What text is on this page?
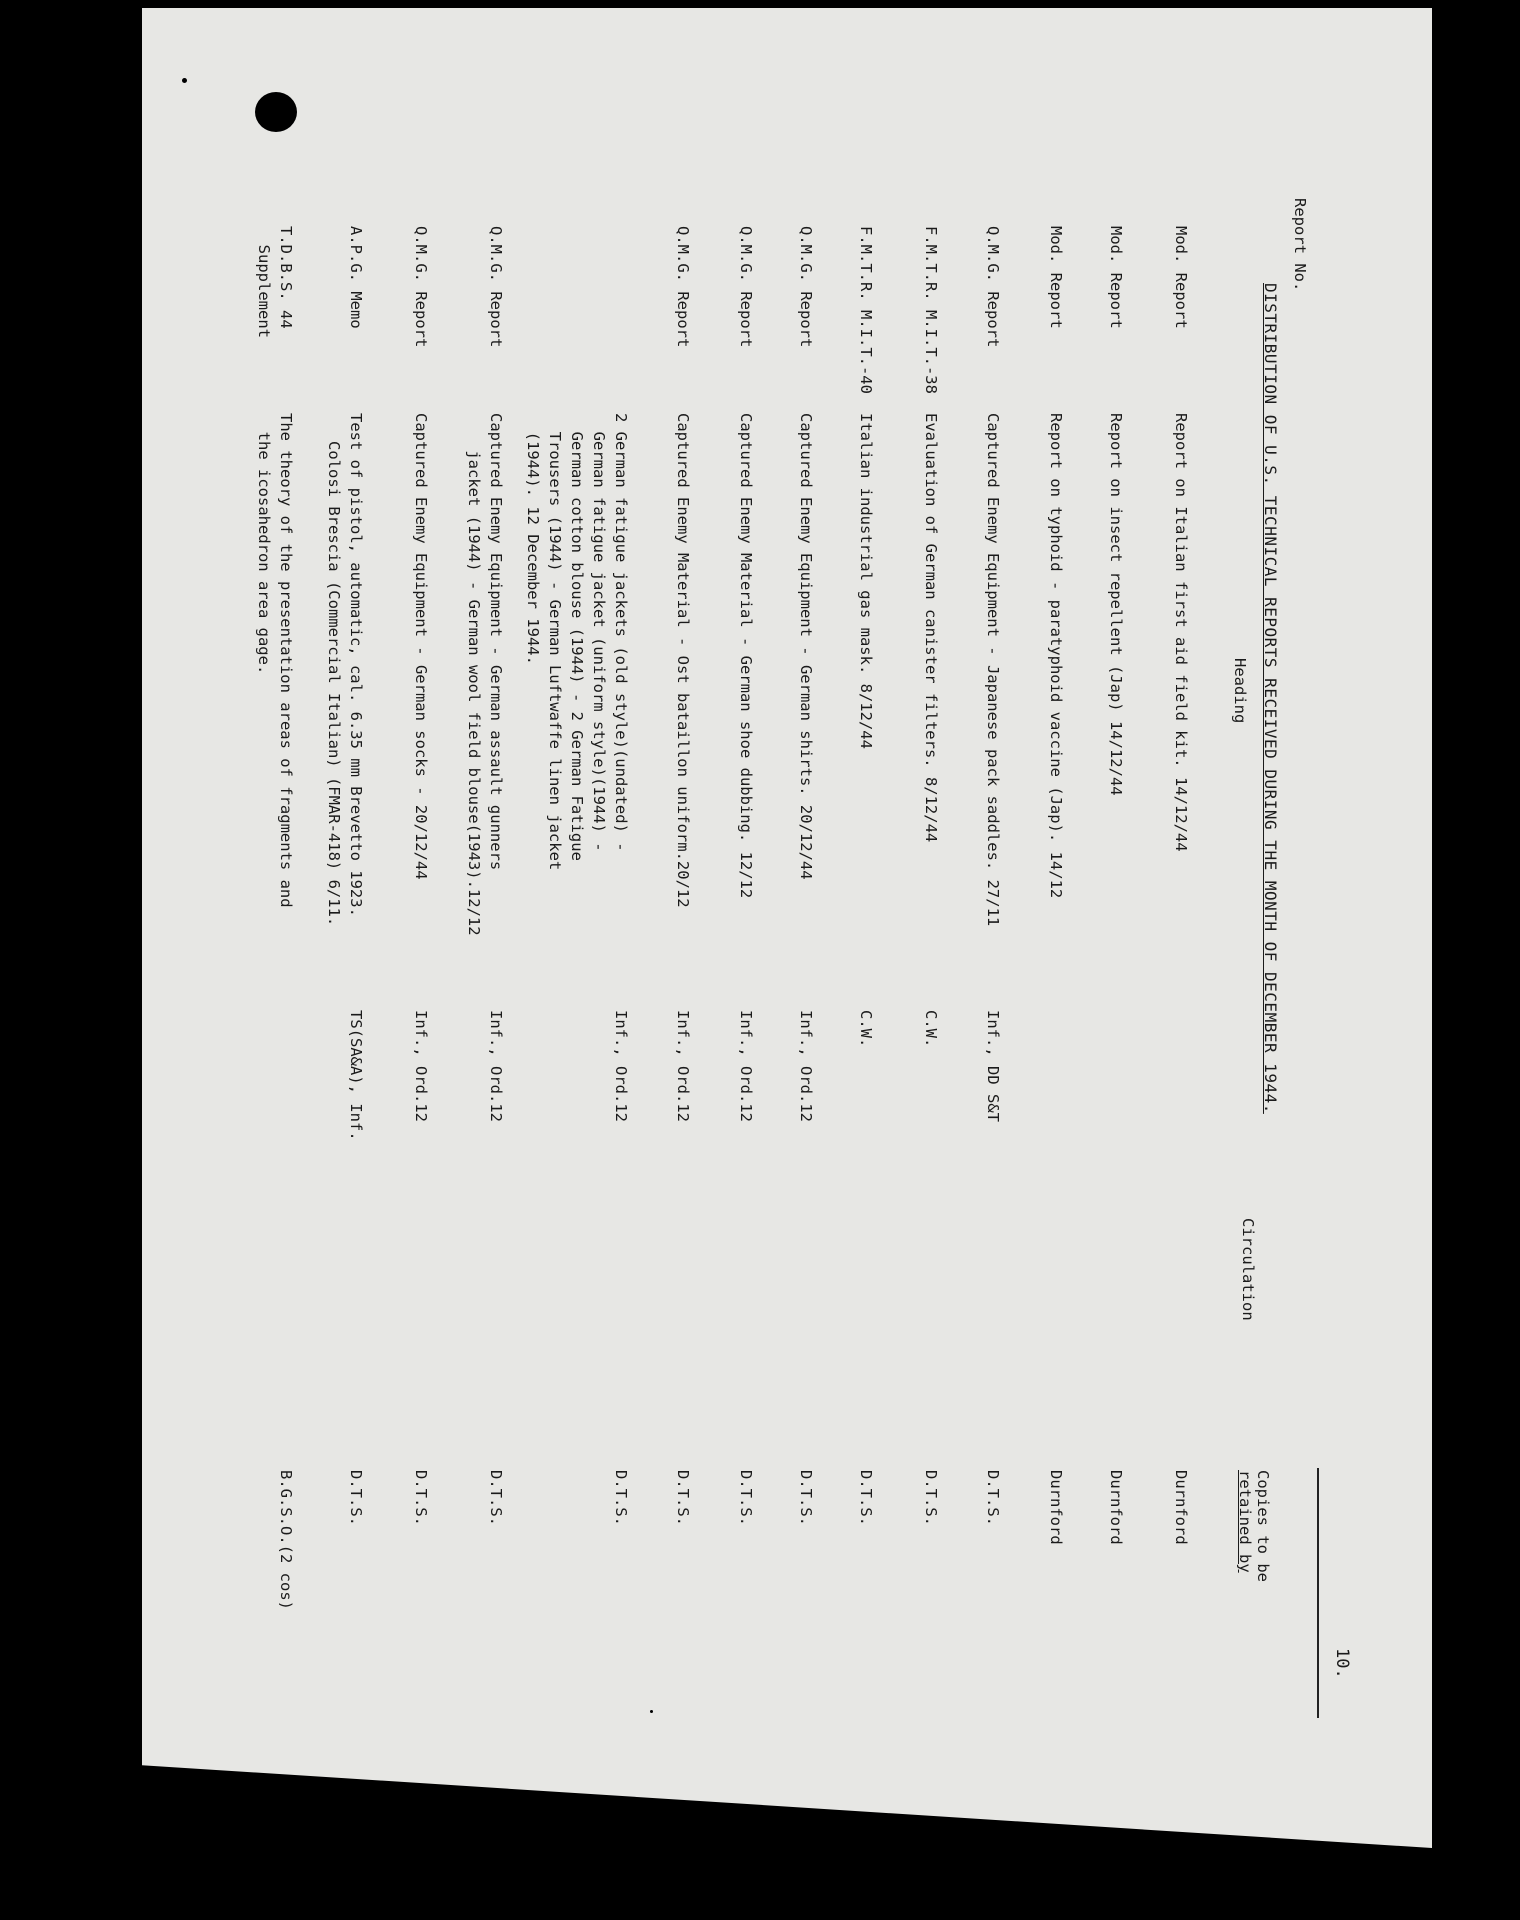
DISTRIBUTION OF U.S. TECHNICAL REPORTS RECEIVED DURING THE MONTH OF DECEMBER 1944.
10.
Report No.
Heading
Circulation
Copies to be
retained by
Mod. Report
Report on Italian first aid field kit. 14/12/44
Durnford
Mod. Report
Report on insect repellent (Jap) 14/12/44
Durnford
Mod. Report
Report on typhoid - paratyphoid vaccine (Jap). 14/12
Durnford
Q.M.G. Report
Captured Enemy Equipment - Japanese pack saddles. 27/11
Inf., DD S&T
D.T.S.
F.M.T.R. M.I.T.-38
Evaluation of German canister filters. 8/12/44
C.W.
D.T.S.
F.M.T.R. M.I.T.-40
Italian industrial gas mask. 8/12/44
C.W.
D.T.S.
Q.M.G. Report
Captured Enemy Equipment - German shirts. 20/12/44
Inf., Ord.12
D.T.S.
Q.M.G. Report
Captured Enemy Material - German shoe dubbing. 12/12
Inf., Ord.12
D.T.S.
Q.M.G. Report
Captured Enemy Material - Ost bataillon uniform.20/12
Inf., Ord.12
D.T.S.
2 German fatigue jackets (old style)(undated) -
German fatigue jacket (uniform style)(1944) -
German cotton blouse (1944) - 2 German Fatigue
Trousers (1944) - German Luftwaffe linen jacket
(1944). 12 December 1944.
Inf., Ord.12
D.T.S.
Q.M.G. Report
Captured Enemy Equipment - German assault gunners
jacket (1944) - German wool field blouse(1943).12/12
Inf., Ord.12
D.T.S.
Q.M.G. Report
Captured Enemy Equipment - German socks - 20/12/44
Inf., Ord.12
D.T.S.
A.P.G. Memo
Test of pistol, automatic, cal. 6.35 mm Brevetto 1923.
Colosi Brescia (Commercial Italian) (FMAR-418) 6/11.
TS(SA&A), Inf.
D.T.S.
T.D.B.S. 44
Supplement
The theory of the presentation areas of fragments and
the icosahedron area gage.
B.G.S.O.(2 cos)
